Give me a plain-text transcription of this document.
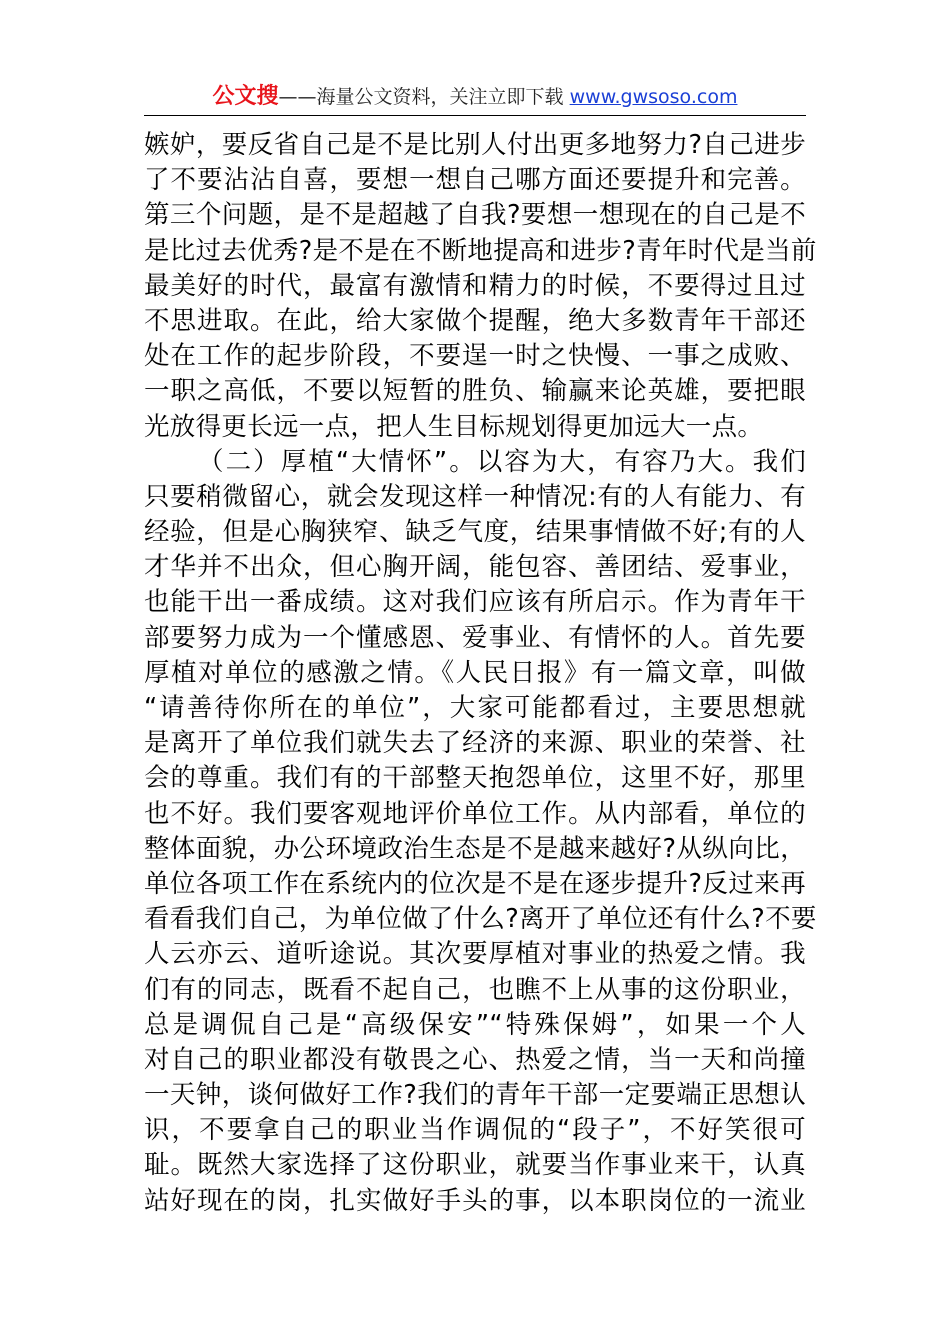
公文搜——海量公文资料，关注立即下载 www.gwsoso.com
嫉妒，要反省自己是不是比别人付出更多地努力?自己进步
了不要沾沾自喜，要想一想自己哪方面还要提升和完善。
第三个问题，是不是超越了自我?要想一想现在的自己是不
是比过去优秀?是不是在不断地提高和进步?青年时代是当前
最美好的时代，最富有激情和精力的时候，不要得过且过
不思进取。在此，给大家做个提醒，绝大多数青年干部还
处在工作的起步阶段，不要逞一时之快慢、一事之成败、
一职之高低，不要以短暂的胜负、输赢来论英雄，要把眼
光放得更长远一点，把人生目标规划得更加远大一点。
（二）厚植“大情怀”。以容为大，有容乃大。我们
只要稍微留心，就会发现这样一种情况:有的人有能力、有
经验，但是心胸狭窄、缺乏气度，结果事情做不好;有的人
才华并不出众，但心胸开阔，能包容、善团结、爱事业，
也能干出一番成绩。这对我们应该有所启示。作为青年干
部要努力成为一个懂感恩、爱事业、有情怀的人。首先要
厚植对单位的感激之情。《人民日报》有一篇文章，叫做
“请善待你所在的单位”，大家可能都看过，主要思想就
是离开了单位我们就失去了经济的来源、职业的荣誉、社
会的尊重。我们有的干部整天抱怨单位，这里不好，那里
也不好。我们要客观地评价单位工作。从内部看，单位的
整体面貌，办公环境政治生态是不是越来越好?从纵向比，
单位各项工作在系统内的位次是不是在逐步提升?反过来再
看看我们自己，为单位做了什么?离开了单位还有什么?不要
人云亦云、道听途说。其次要厚植对事业的热爱之情。我
们有的同志，既看不起自己，也瞧不上从事的这份职业，
总是调侃自己是“高级保安”“特殊保姆”，如果一个人
对自己的职业都没有敬畏之心、热爱之情，当一天和尚撞
一天钟，谈何做好工作?我们的青年干部一定要端正思想认
识，不要拿自己的职业当作调侃的“段子”，不好笑很可
耻。既然大家选择了这份职业，就要当作事业来干，认真
站好现在的岗，扎实做好手头的事，以本职岗位的一流业
